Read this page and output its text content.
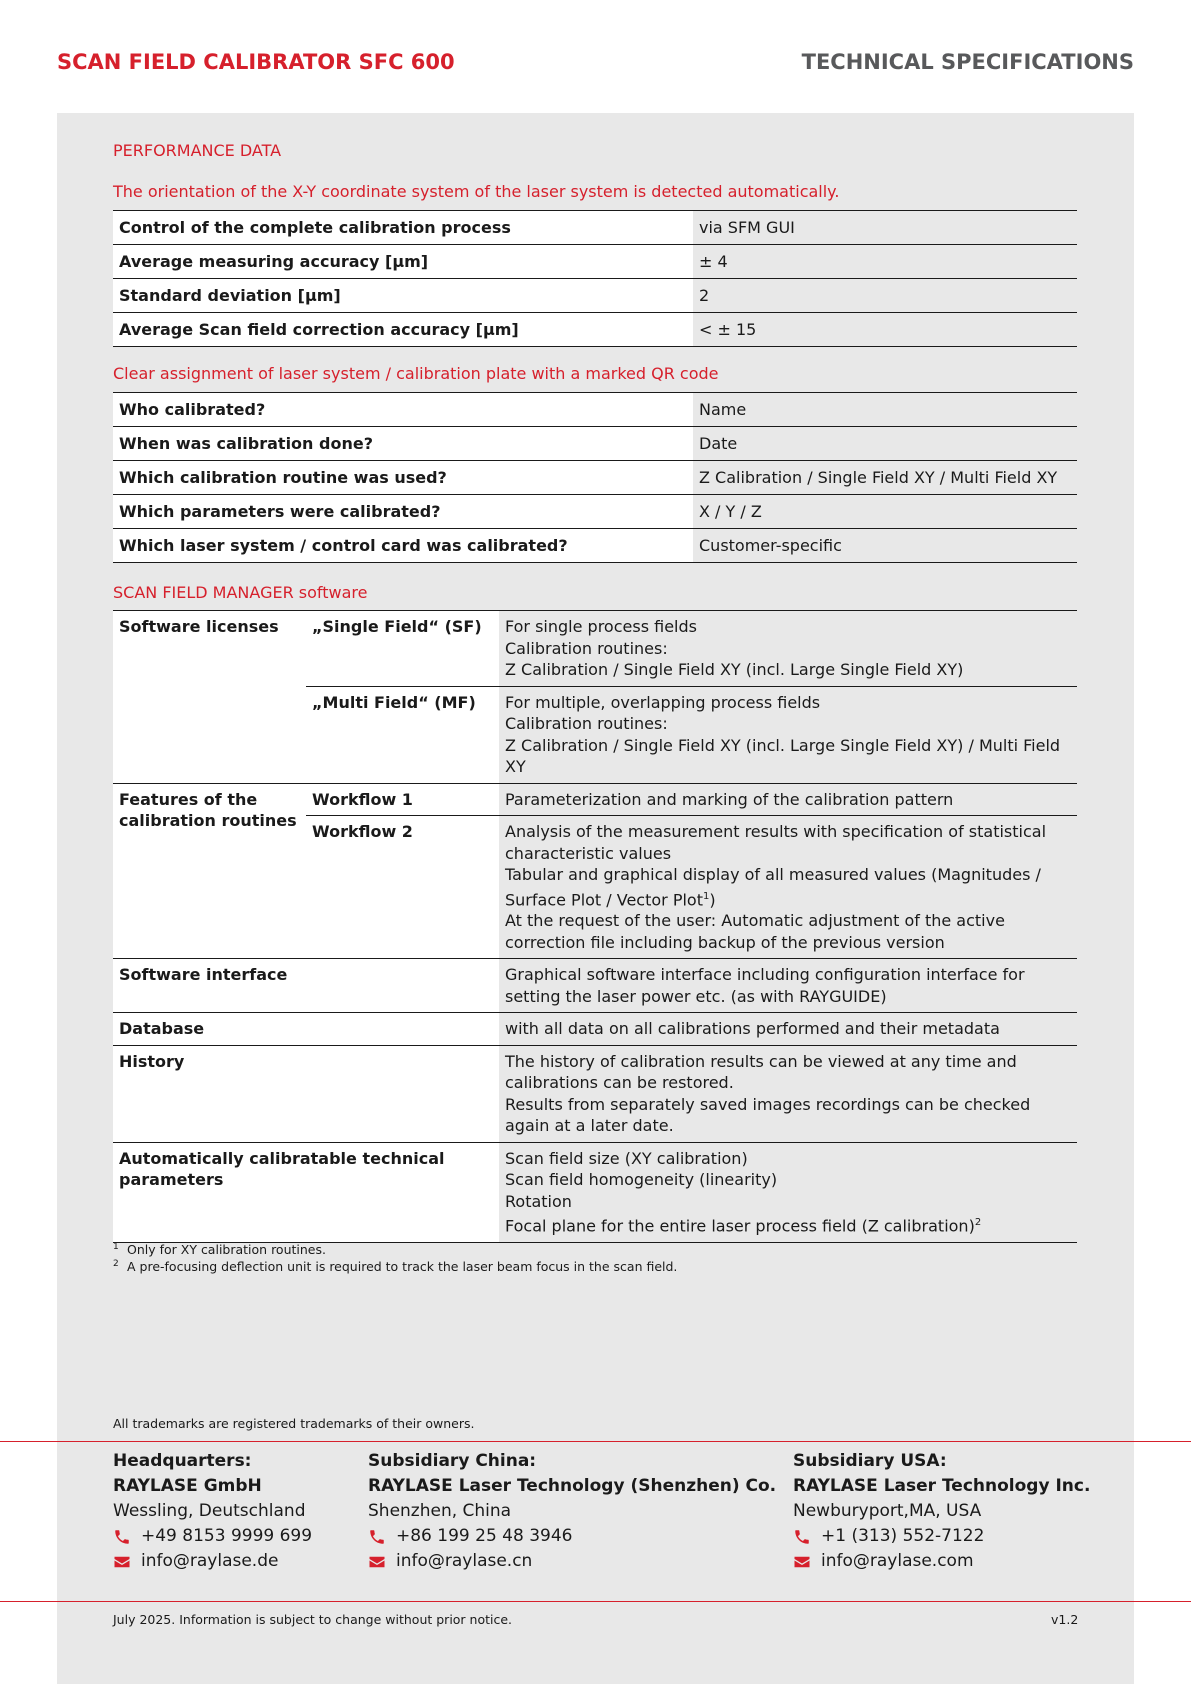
SCAN FIELD CALIBRATOR SFC 600	TECHNICAL SPECIFICATIONS
PERFORMANCE DATA
The orientation of the X-Y coordinate system of the laser system is detected automatically.
Control of the complete calibration process	via SFM GUI
Average measuring accuracy [µm]	± 4
Standard deviation [µm]	2
Average Scan field correction accuracy [µm]	< ± 15
Clear assignment of laser system / calibration plate with a marked QR code
Who calibrated?	Name
When was calibration done?	Date
Which calibration routine was used?	Z Calibration / Single Field XY / Multi Field XY
Which parameters were calibrated?	X / Y / Z
Which laser system / control card was calibrated?	Customer-specific
SCAN FIELD MANAGER software
Software licenses	„Single Field“ (SF)	For single process fields
Calibration routines:
Z Calibration / Single Field XY (incl. Large Single Field XY)

	„Multi Field“ (MF)	For multiple, overlapping process fields
Calibration routines:
Z Calibration / Single Field XY (incl. Large Single Field XY) / Multi Field XY

Features of the calibration routines	Workflow 1	Parameterization and marking of the calibration pattern
	Workflow 2	Analysis of the measurement results with specification of statistical characteristic values
Tabular and graphical display of all measured values (Magnitudes / Surface Plot / Vector Plot$^1$)
At the request of the user: Automatic adjustment of the active correction file including backup of the previous version

Software interface		Graphical software interface including configuration interface for setting the laser power etc. (as with RAYGUIDE)
Database		with all data on all calibrations performed and their metadata
History		The history of calibration results can be viewed at any time and calibrations can be restored.
Results from separately saved images recordings can be checked again at a later date.

Automatically calibratable technical parameters		Scan field size (XY calibration)
Scan field homogeneity (linearity)
Rotation
Focal plane for the entire laser process field (Z calibration)$^2$
1 Only for XY calibration routines.
2 A pre-focusing deflection unit is required to track the laser beam focus in the scan field.
All trademarks are registered trademarks of their owners.
Headquarters:
RAYLASE GmbH
Wessling, Deutschland
+49 8153 9999 699
info@raylase.de
Subsidiary China:
RAYLASE Laser Technology (Shenzhen) Co.
Shenzhen, China
+86 199 25 48 3946
info@raylase.cn
Subsidiary USA:
RAYLASE Laser Technology Inc.
Newburyport,MA, USA
+1 (313) 552-7122
info@raylase.com
July 2025. Information is subject to change without prior notice.	v1.2
